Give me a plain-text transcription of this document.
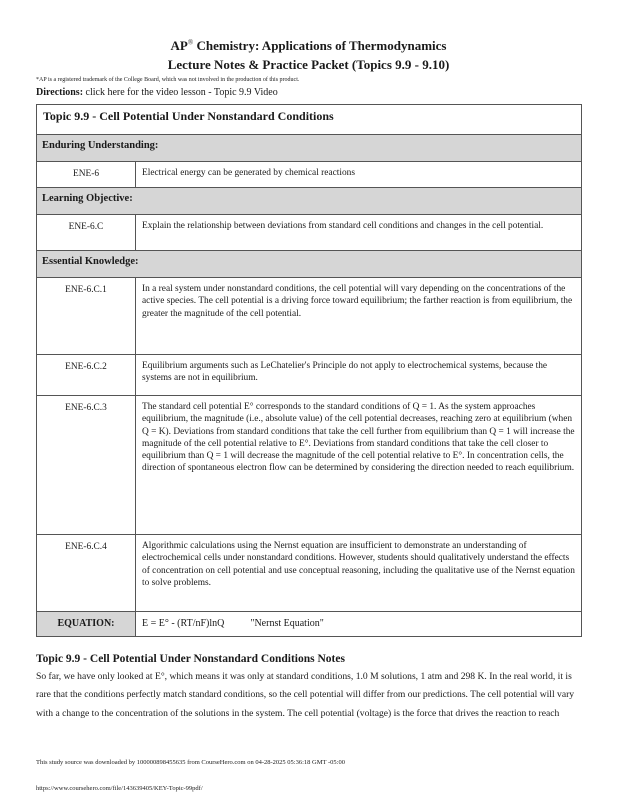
AP® Chemistry: Applications of Thermodynamics
Lecture Notes & Practice Packet (Topics 9.9 - 9.10)
*AP is a registered trademark of the College Board, which was not involved in the production of this product.
Directions: click here for the video lesson - Topic 9.9 Video
Topic 9.9 - Cell Potential Under Nonstandard Conditions	
Enduring Understanding:	
ENE-6	Electrical energy can be generated by chemical reactions
Learning Objective:	
ENE-6.C	Explain the relationship between deviations from standard cell conditions and changes in the cell potential.
Essential Knowledge:	
ENE-6.C.1	In a real system under nonstandard conditions, the cell potential will vary depending on the concentrations of the active species. The cell potential is a driving force toward equilibrium; the farther reaction is from equilibrium, the greater the magnitude of the cell potential.
ENE-6.C.2	Equilibrium arguments such as LeChatelier's Principle do not apply to electrochemical systems, because the systems are not in equilibrium.
ENE-6.C.3	The standard cell potential E° corresponds to the standard conditions of Q = 1. As the system approaches equilibrium, the magnitude (i.e., absolute value) of the cell potential decreases, reaching zero at equilibrium (when Q = K). Deviations from standard conditions that take the cell further from equilibrium than Q = 1 will increase the magnitude of the cell potential relative to E°. Deviations from standard conditions that take the cell closer to equilibrium than Q = 1 will decrease the magnitude of the cell potential relative to E°. In concentration cells, the direction of spontaneous electron flow can be determined by considering the direction needed to reach equilibrium.
ENE-6.C.4	Algorithmic calculations using the Nernst equation are insufficient to demonstrate an understanding of electrochemical cells under nonstandard conditions. However, students should qualitatively understand the effects of concentration on cell potential and use conceptual reasoning, including the qualitative use of the Nernst equation to solve problems.
EQUATION:	E = E° - (RT/nF)lnQ "Nernst Equation"
Topic 9.9 - Cell Potential Under Nonstandard Conditions Notes
So far, we have only looked at E°, which means it was only at standard conditions, 1.0 M solutions, 1 atm and 298 K. In the real world, it is rare that the conditions perfectly match standard conditions, so the cell potential will differ from our predictions. The cell potential will vary with a change to the concentration of the solutions in the system. The cell potential (voltage) is the force that drives the reaction to reach
This study source was downloaded by 100000898455635 from CourseHero.com on 04-28-2025 05:36:18 GMT -05:00
https://www.coursehero.com/file/143639405/KEY-Topic-99pdf/
